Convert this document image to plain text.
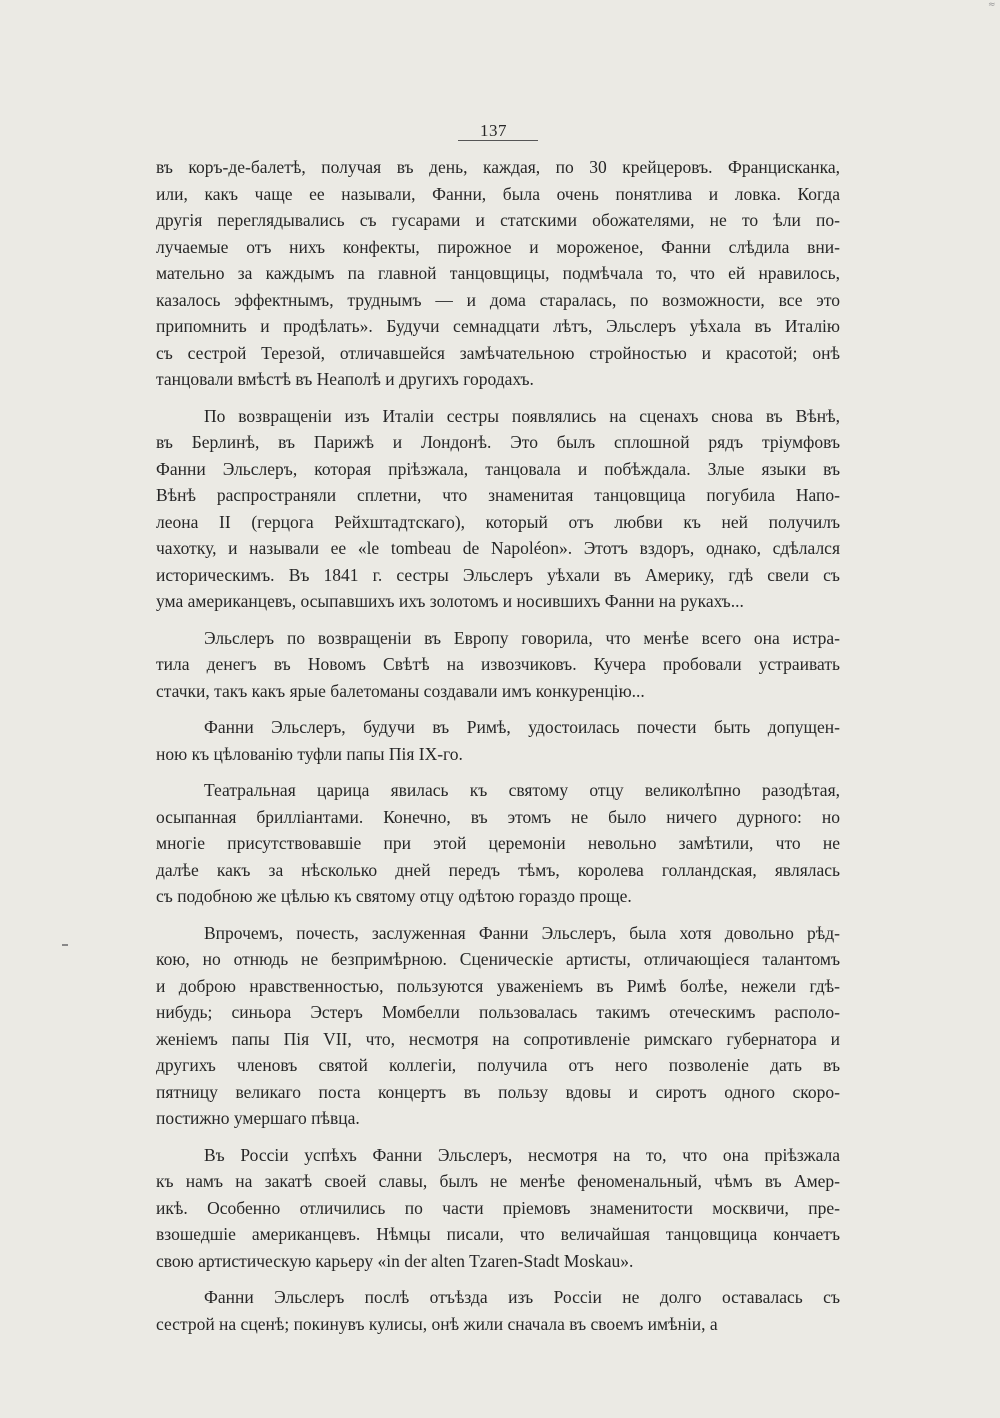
≈
137
въ коръ-де-балетѣ, получая въ день, каждая, по 30 крейцеровъ. Францисканка,
или, какъ чаще ее называли, Фанни, была очень понятлива и ловка. Когда
другія переглядывались съ гусарами и статскими обожателями, не то ѣли по-
лучаемые отъ нихъ конфекты, пирожное и мороженое, Фанни слѣдила вни-
мательно за каждымъ па главной танцовщицы, подмѣчала то, что ей нравилось,
казалось эффектнымъ, труднымъ — и дома старалась, по возможности, все это
припомнить и продѣлать». Будучи семнадцати лѣтъ, Эльслеръ уѣхала въ Италію
съ сестрой Терезой, отличавшейся замѣчательною стройностью и красотой; онѣ
танцовали вмѣстѣ въ Неаполѣ и другихъ городахъ.
По возвращеніи изъ Италіи сестры появлялись на сценахъ снова въ Вѣнѣ,
въ Берлинѣ, въ Парижѣ и Лондонѣ. Это былъ сплошной рядъ тріумфовъ
Фанни Эльслеръ, которая пріѣзжала, танцовала и побѣждала. Злые языки въ
Вѣнѣ распространяли сплетни, что знаменитая танцовщица погубила Напо-
леона II (герцога Рейхштадтскаго), который отъ любви къ ней получилъ
чахотку, и называли ее «le tombeau de Napoléon». Этотъ вздоръ, однако, сдѣлался
историческимъ. Въ 1841 г. сестры Эльслеръ уѣхали въ Америку, гдѣ свели съ
ума американцевъ, осыпавшихъ ихъ золотомъ и носившихъ Фанни на рукахъ...
Эльслеръ по возвращеніи въ Европу говорила, что менѣе всего она истра-
тила денегъ въ Новомъ Свѣтѣ на извозчиковъ. Кучера пробовали устраивать
стачки, такъ какъ ярые балетоманы создавали имъ конкуренцію...
Фанни Эльслеръ, будучи въ Римѣ, удостоилась почести быть допущен-
ною къ цѣлованію туфли папы Пія IX-го.
Театральная царица явилась къ святому отцу великолѣпно разодѣтая,
осыпанная брилліантами. Конечно, въ этомъ не было ничего дурного: но
многіе присутствовавшіе при этой церемоніи невольно замѣтили, что не
далѣе какъ за нѣсколько дней передъ тѣмъ, королева голландская, являлась
съ подобною же цѣлью къ святому отцу одѣтою гораздо проще.
Впрочемъ, почесть, заслуженная Фанни Эльслеръ, была хотя довольно рѣд-
кою, но отнюдь не безпримѣрною. Сценическіе артисты, отличающіеся талантомъ
и доброю нравственностью, пользуются уваженіемъ въ Римѣ болѣе, нежели гдѣ-
нибудь; синьора Эстеръ Момбелли пользовалась такимъ отеческимъ располо-
женіемъ папы Пія VII, что, несмотря на сопротивленіе римскаго губернатора и
другихъ членовъ святой коллегіи, получила отъ него позволеніе дать въ
пятницу великаго поста концертъ въ пользу вдовы и сиротъ одного скоро-
постижно умершаго пѣвца.
Въ Россіи успѣхъ Фанни Эльслеръ, несмотря на то, что она пріѣзжала
къ намъ на закатѣ своей славы, былъ не менѣе феноменальный, чѣмъ въ Амер-
икѣ. Особенно отличились по части пріемовъ знаменитости москвичи, пре-
взошедшіе американцевъ. Нѣмцы писали, что величайшая танцовщица кончаетъ
свою артистическую карьеру «in der alten Tzaren-Stadt Moskau».
Фанни Эльслеръ послѣ отъѣзда изъ Россіи не долго оставалась съ
сестрой на сценѣ; покинувъ кулисы, онѣ жили сначала въ своемъ имѣніи, а
